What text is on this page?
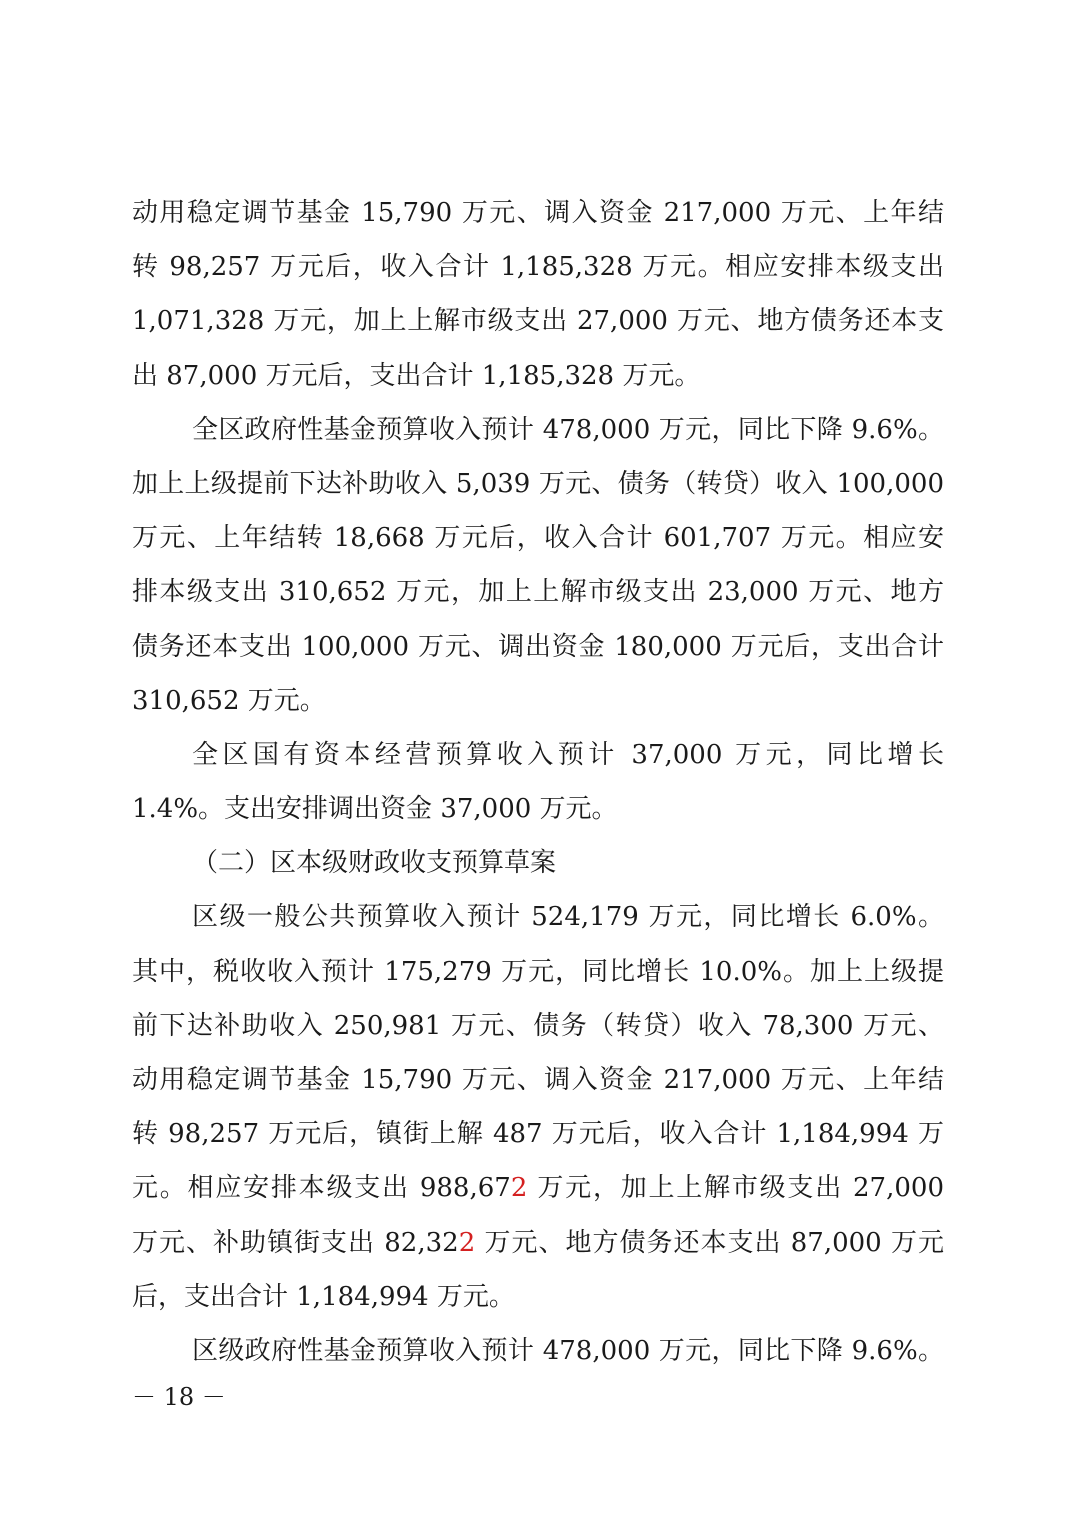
动用稳定调节基金 15,790 万元、调入资金 217,000 万元、上年结
转 98,257 万元后，收入合计 1,185,328 万元。相应安排本级支出
1,071,328 万元，加上上解市级支出 27,000 万元、地方债务还本支
出 87,000 万元后，支出合计 1,185,328 万元。
全区政府性基金预算收入预计 478,000 万元，同比下降 9.6%。
加上上级提前下达补助收入 5,039 万元、债务（转贷）收入 100,000
万元、上年结转 18,668 万元后，收入合计 601,707 万元。相应安
排本级支出 310,652 万元，加上上解市级支出 23,000 万元、地方
债务还本支出 100,000 万元、调出资金 180,000 万元后，支出合计
310,652 万元。
全区国有资本经营预算收入预计 37,000 万元，同比增长
1.4%。支出安排调出资金 37,000 万元。
（二）区本级财政收支预算草案
区级一般公共预算收入预计 524,179 万元，同比增长 6.0%。
其中，税收收入预计 175,279 万元，同比增长 10.0%。加上上级提
前下达补助收入 250,981 万元、债务（转贷）收入 78,300 万元、
动用稳定调节基金 15,790 万元、调入资金 217,000 万元、上年结
转 98,257 万元后，镇街上解 487 万元后，收入合计 1,184,994 万
元。相应安排本级支出 988,672 万元，加上上解市级支出 27,000
万元、补助镇街支出 82,322 万元、地方债务还本支出 87,000 万元
后，支出合计 1,184,994 万元。
区级政府性基金预算收入预计 478,000 万元，同比下降 9.6%。
－ 18 －
